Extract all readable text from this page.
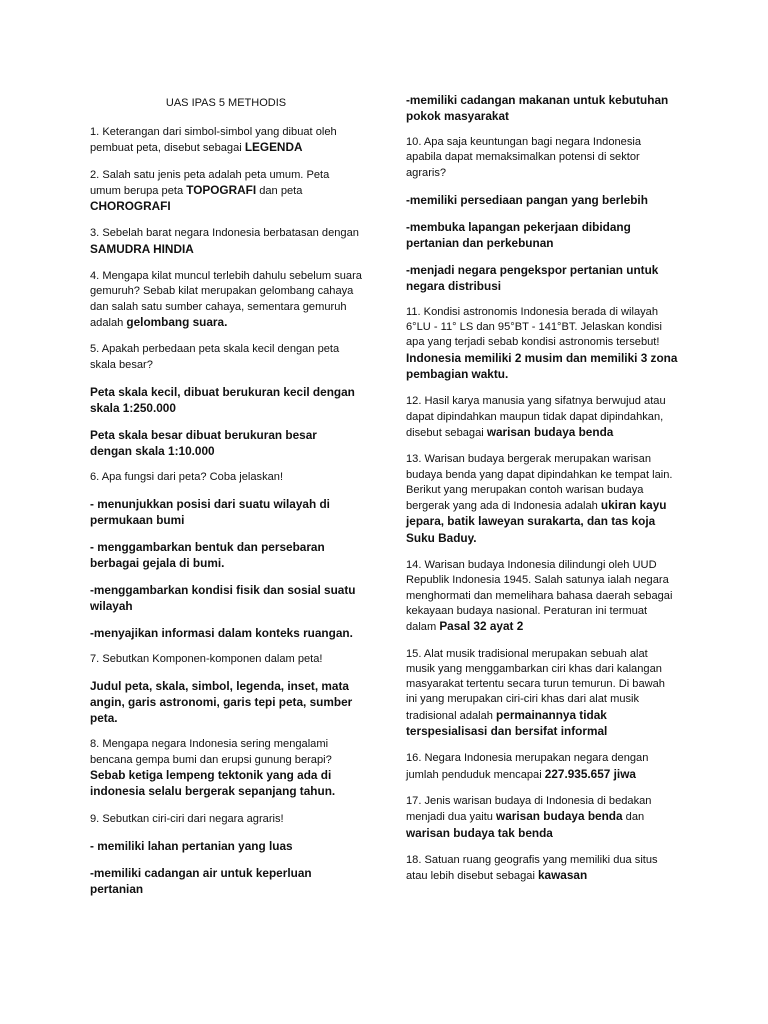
UAS IPAS 5 METHODIS
1. Keterangan dari simbol-simbol yang dibuat oleh pembuat peta, disebut sebagai LEGENDA
2. Salah satu jenis peta adalah peta umum. Peta umum berupa peta TOPOGRAFI dan peta CHOROGRAFI
3. Sebelah barat negara Indonesia berbatasan dengan SAMUDRA HINDIA
4. Mengapa kilat muncul terlebih dahulu sebelum suara gemuruh? Sebab kilat merupakan gelombang cahaya dan salah satu sumber cahaya, sementara gemuruh adalah gelombang suara.
5. Apakah perbedaan peta skala kecil dengan peta skala besar?
Peta skala kecil, dibuat berukuran kecil dengan skala 1:250.000
Peta skala besar dibuat berukuran besar dengan skala 1:10.000
6. Apa fungsi dari peta? Coba jelaskan!
- menunjukkan posisi dari suatu wilayah di permukaan bumi
- menggambarkan bentuk dan persebaran berbagai gejala di bumi.
-menggambarkan kondisi fisik dan sosial suatu wilayah
-menyajikan informasi dalam konteks ruangan.
7. Sebutkan Komponen-komponen dalam peta!
Judul peta, skala, simbol, legenda, inset, mata angin, garis astronomi, garis tepi peta, sumber peta.
8. Mengapa negara Indonesia sering mengalami bencana gempa bumi dan erupsi gunung berapi? Sebab ketiga lempeng tektonik yang ada di indonesia selalu bergerak sepanjang tahun.
9. Sebutkan ciri-ciri dari negara agraris!
- memiliki lahan pertanian yang luas
-memiliki cadangan air untuk keperluan pertanian
-memiliki cadangan makanan untuk kebutuhan pokok masyarakat
10. Apa saja keuntungan bagi negara Indonesia apabila dapat memaksimalkan potensi di sektor agraris?
-memiliki persediaan pangan yang berlebih
-membuka lapangan pekerjaan dibidang pertanian dan perkebunan
-menjadi negara pengekspor pertanian untuk negara distribusi
11. Kondisi astronomis Indonesia berada di wilayah 6°LU - 11° LS dan 95°BT - 141°BT. Jelaskan kondisi apa yang terjadi sebab kondisi astronomis tersebut! Indonesia memiliki 2 musim dan memiliki 3 zona pembagian waktu.
12. Hasil karya manusia yang sifatnya berwujud atau dapat dipindahkan maupun tidak dapat dipindahkan, disebut sebagai warisan budaya benda
13. Warisan budaya bergerak merupakan warisan budaya benda yang dapat dipindahkan ke tempat lain. Berikut yang merupakan contoh warisan budaya bergerak yang ada di Indonesia adalah ukiran kayu jepara, batik laweyan surakarta, dan tas koja Suku Baduy.
14. Warisan budaya Indonesia dilindungi oleh UUD Republik Indonesia 1945. Salah satunya ialah negara menghormati dan memelihara bahasa daerah sebagai kekayaan budaya nasional. Peraturan ini termuat dalam Pasal 32 ayat 2
15. Alat musik tradisional merupakan sebuah alat musik yang menggambarkan ciri khas dari kalangan masyarakat tertentu secara turun temurun. Di bawah ini yang merupakan ciri-ciri khas dari alat musik tradisional adalah permainannya tidak terspesialisasi dan bersifat informal
16. Negara Indonesia merupakan negara dengan jumlah penduduk mencapai 227.935.657 jiwa
17. Jenis warisan budaya di Indonesia di bedakan menjadi dua yaitu warisan budaya benda dan warisan budaya tak benda
18. Satuan ruang geografis yang memiliki dua situs atau lebih disebut sebagai kawasan
